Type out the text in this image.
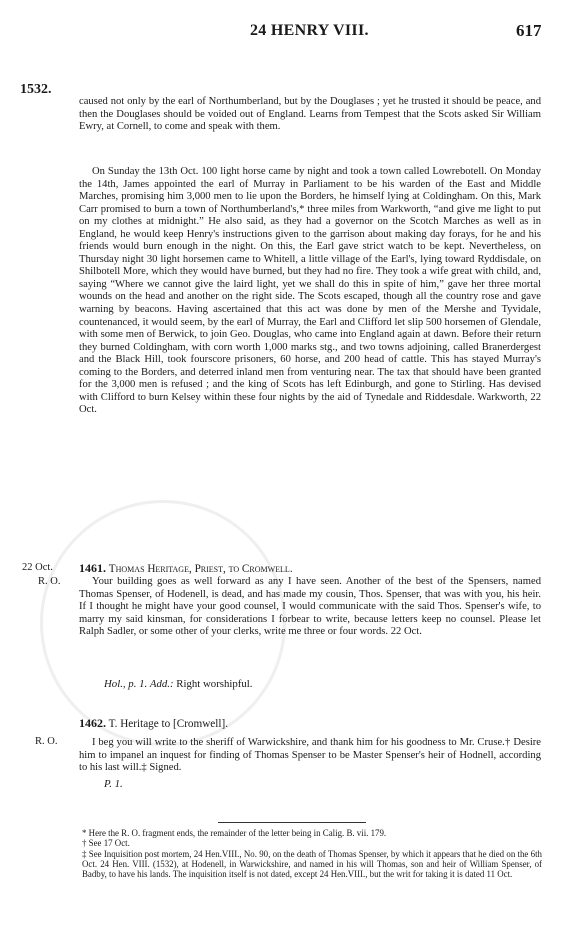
24 HENRY VIII.	617
1532.
22 Oct.
R. O.
R. O.

caused not only by the earl of Northumberland, but by the Douglases ; yet he trusted it should be peace, and then the Douglases should be voided out of England. Learns from Tempest that the Scots asked Sir William Ewry, at Cornell, to come and speak with them.

On Sunday the 13th Oct. 100 light horse came by night and took a town called Lowrebotell. On Monday the 14th, James appointed the earl of Murray in Parliament to be his warden of the East and Middle Marches, promising him 3,000 men to lie upon the Borders, he himself lying at Coldingham. On this, Mark Carr promised to burn a town of Northumberland's,* three miles from Warkworth, “and give me light to put on my clothes at midnight.” He also said, as they had a governor on the Scotch Marches as well as in England, he would keep Henry's instructions given to the garrison about making day forays, for he and his friends would burn enough in the night. On this, the Earl gave strict watch to be kept. Nevertheless, on Thursday night 30 light horsemen came to Whitell, a little village of the Earl's, lying toward Ryddisdale, on Shilbotell More, which they would have burned, but they had no fire. They took a wife great with child, and, saying “Where we cannot give the laird light, yet we shall do this in spite of him,” gave her three mortal wounds on the head and another on the right side. The Scots escaped, though all the country rose and gave warning by beacons. Having ascertained that this act was done by men of the Mershe and Tyvidale, countenanced, it would seem, by the earl of Murray, the Earl and Clifford let slip 500 horsemen of Glendale, with some men of Berwick, to join Geo. Douglas, who came into England again at dawn. Before their return they burned Coldingham, with corn worth 1,000 marks stg., and two towns adjoining, called Branerdergest and the Black Hill, took fourscore prisoners, 60 horse, and 200 head of cattle. This has stayed Murray's coming to the Borders, and deterred inland men from venturing near. The tax that should have been granted for the 3,000 men is refused ; and the king of Scots has left Edinburgh, and gone to Stirling. Has devised with Clifford to burn Kelsey within these four nights by the aid of Tynedale and Riddesdale. Warkworth, 22 Oct.

1461. Thomas Heritage, Priest, to Cromwell.

Your building goes as well forward as any I have seen. Another of the best of the Spensers, named Thomas Spenser, of Hodenell, is dead, and has made my cousin, Thos. Spenser, that was with you, his heir. If I thought he might have your good counsel, I would communicate with the said Thos. Spenser's wife, to marry my said kinsman, for considerations I forbear to write, because letters keep no counsel. Please let Ralph Sadler, or some other of your clerks, write me three or four words. 22 Oct.

Hol., p. 1. Add.: Right worshipful.
1462. T. Heritage to [Cromwell].

I beg you will write to the sheriff of Warwickshire, and thank him for his goodness to Mr. Cruse.† Desire him to impanel an inquest for finding of Thomas Spenser to be Master Spenser's heir of Hodnell, according to his last will.‡ Signed.

P. 1.

* Here the R. O. fragment ends, the remainder of the letter being in Calig. B. vii. 179.

† See 17 Oct.

‡ See Inquisition post mortem, 24 Hen.VIII., No. 90, on the death of Thomas Spenser, by which it appears that he died on the 6th Oct. 24 Hen. VIII. (1532), at Hodenell, in Warwickshire, and named in his will Thomas, son and heir of William Spenser, of Badby, to have his lands. The inquisition itself is not dated, except 24 Hen.VIII., but the writ for taking it is dated 11 Oct.
